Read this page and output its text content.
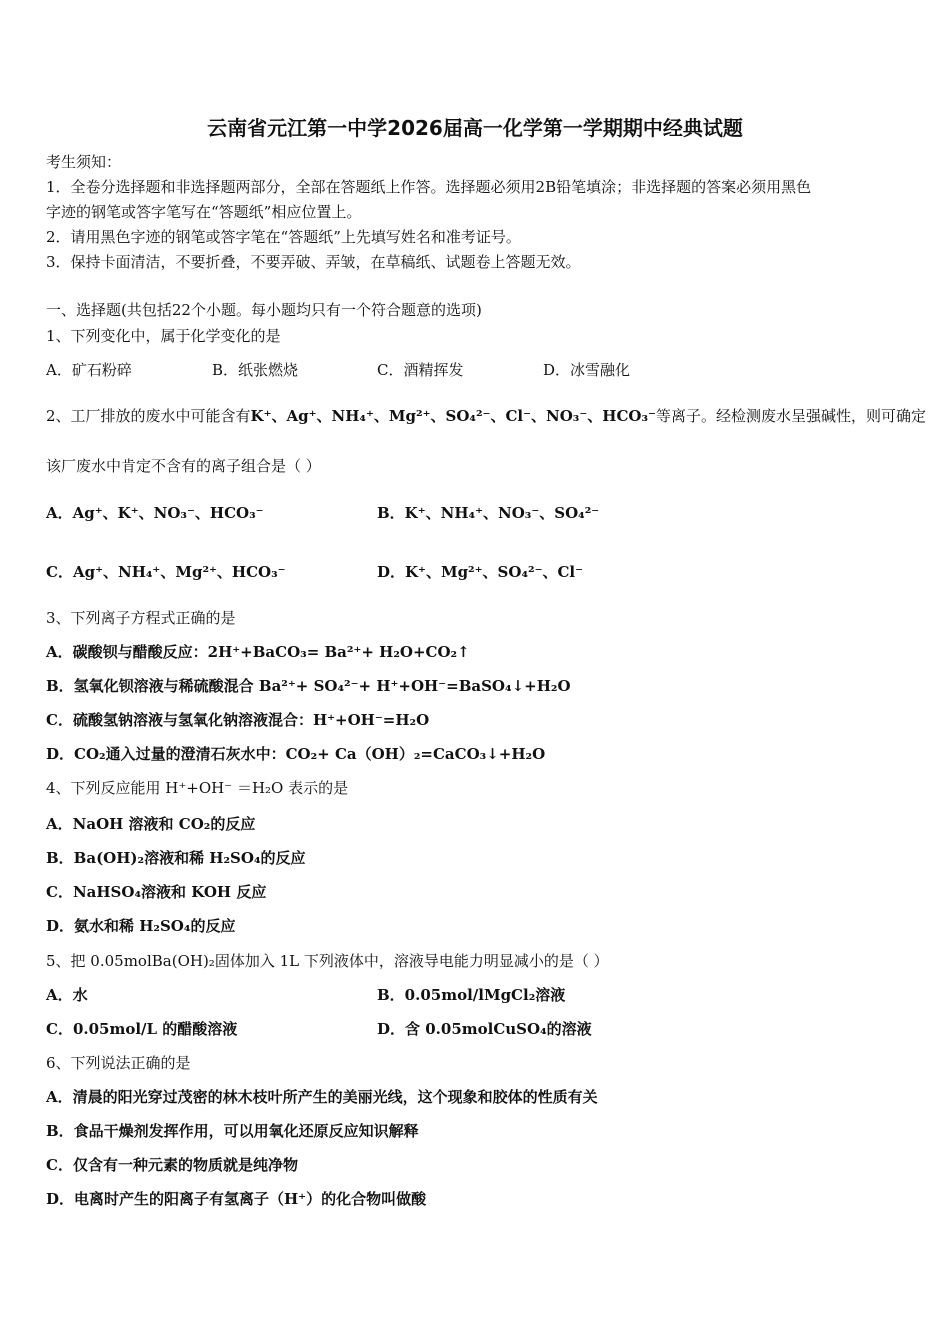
云南省元江第一中学2026届高一化学第一学期期中经典试题
考生须知：
1．全卷分选择题和非选择题两部分，全部在答题纸上作答。选择题必须用2B铅笔填涂；非选择题的答案必须用黑色
字迹的钢笔或答字笔写在“答题纸”相应位置上。
2．请用黑色字迹的钢笔或答字笔在“答题纸”上先填写姓名和准考证号。
3．保持卡面清洁，不要折叠，不要弄破、弄皱，在草稿纸、试题卷上答题无效。
一、选择题(共包括22个小题。每小题均只有一个符合题意的选项)
1、下列变化中，属于化学变化的是
A．矿石粉碎	B．纸张燃烧	C．酒精挥发	D．冰雪融化
2、工厂排放的废水中可能含有K⁺、Ag⁺、NH₄⁺、Mg²⁺、SO₄²⁻、Cl⁻、NO₃⁻、HCO₃⁻等离子。经检测废水呈强碱性，则可确定
该厂废水中肯定不含有的离子组合是（ ）
A．Ag⁺、K⁺、NO₃⁻、HCO₃⁻	B．K⁺、NH₄⁺、NO₃⁻、SO₄²⁻
C．Ag⁺、NH₄⁺、Mg²⁺、HCO₃⁻	D．K⁺、Mg²⁺、SO₄²⁻、Cl⁻
3、下列离子方程式正确的是
A．碳酸钡与醋酸反应：2H⁺+BaCO₃= Ba²⁺+ H₂O+CO₂↑
B．氢氧化钡溶液与稀硫酸混合 Ba²⁺+ SO₄²⁻+ H⁺+OH⁻=BaSO₄↓+H₂O
C．硫酸氢钠溶液与氢氧化钠溶液混合：H⁺+OH⁻=H₂O
D．CO₂通入过量的澄清石灰水中：CO₂+ Ca（OH）₂=CaCO₃↓+H₂O
4、下列反应能用 H⁺+OH⁻ ＝H₂O 表示的是
A．NaOH 溶液和 CO₂的反应
B．Ba(OH)₂溶液和稀 H₂SO₄的反应
C．NaHSO₄溶液和 KOH 反应
D．氨水和稀 H₂SO₄的反应
5、把 0.05molBa(OH)₂固体加入 1L 下列液体中，溶液导电能力明显减小的是（ ）
A．水	B．0.05mol/lMgCl₂溶液
C．0.05mol/L 的醋酸溶液	D．含 0.05molCuSO₄的溶液
6、下列说法正确的是
A．清晨的阳光穿过茂密的林木枝叶所产生的美丽光线，这个现象和胶体的性质有关
B．食品干燥剂发挥作用，可以用氧化还原反应知识解释
C．仅含有一种元素的物质就是纯净物
D．电离时产生的阳离子有氢离子（H⁺）的化合物叫做酸
